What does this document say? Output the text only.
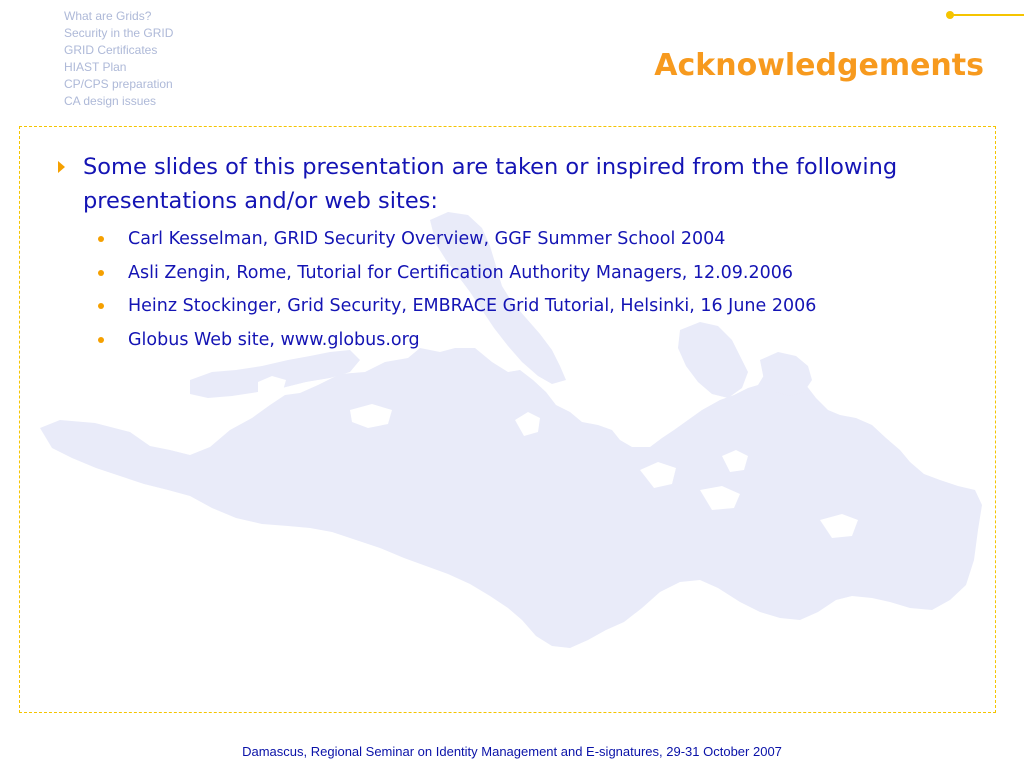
What are Grids?
Security in the GRID
GRID Certificates
HIAST Plan
CP/CPS preparation
CA design issues
Acknowledgements
Some slides of this presentation are taken or inspired from the following presentations and/or web sites:
Carl Kesselman, GRID Security Overview, GGF Summer School 2004
Asli Zengin, Rome, Tutorial for Certification Authority Managers, 12.09.2006
Heinz Stockinger, Grid Security, EMBRACE Grid Tutorial, Helsinki, 16 June 2006
Globus Web site, www.globus.org
Damascus, Regional Seminar on Identity Management and E-signatures, 29-31 October 2007
